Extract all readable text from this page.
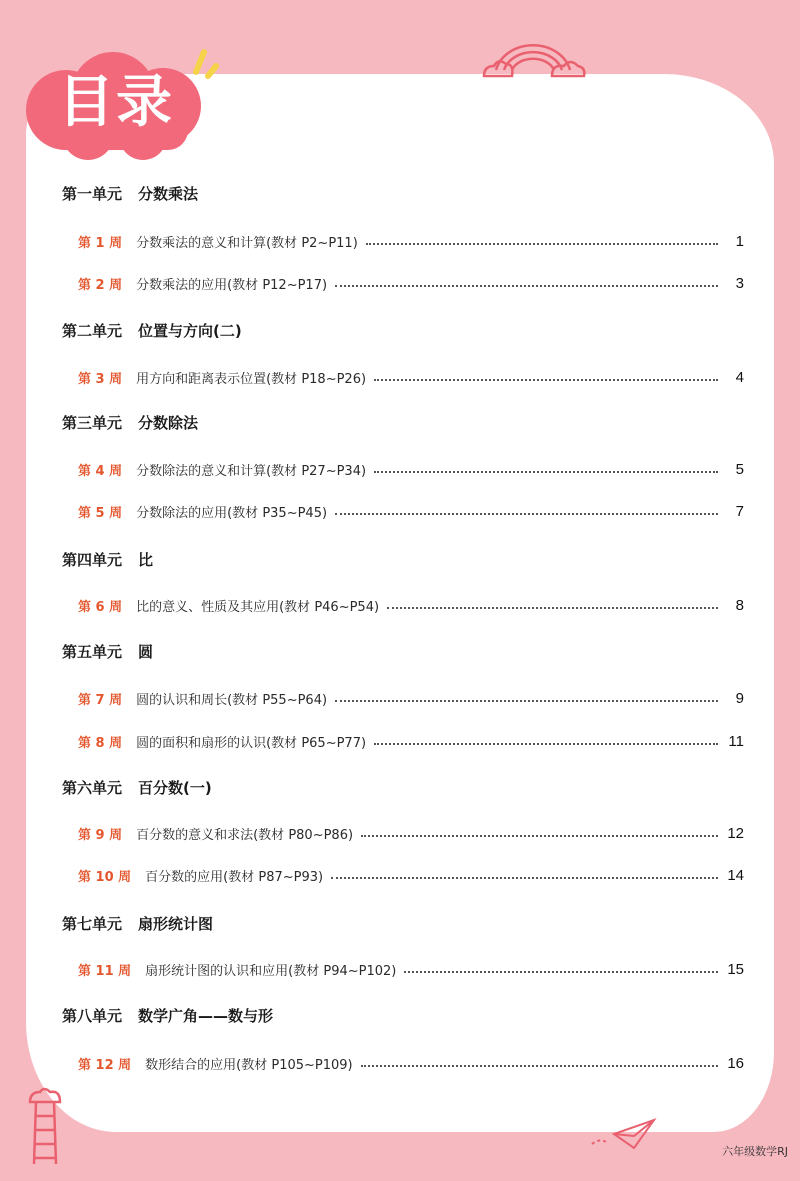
目录
第一单元 分数乘法
第二单元 位置与方向(二)
第三单元 分数除法
第四单元 比
第五单元 圆
第六单元 百分数(一)
第七单元 扇形统计图
第八单元 数学广角——数与形
第 1 周 分数乘法的意义和计算(教材 P2~P11)	1
第 2 周 分数乘法的应用(教材 P12~P17)	3
第 3 周 用方向和距离表示位置(教材 P18~P26)	4
第 4 周 分数除法的意义和计算(教材 P27~P34)	5
第 5 周 分数除法的应用(教材 P35~P45)	7
第 6 周 比的意义、性质及其应用(教材 P46~P54)	8
第 7 周 圆的认识和周长(教材 P55~P64)	9
第 8 周 圆的面积和扇形的认识(教材 P65~P77)	11
第 9 周 百分数的意义和求法(教材 P80~P86)	12
第 10 周 百分数的应用(教材 P87~P93)	14
第 11 周 扇形统计图的认识和应用(教材 P94~P102)	15
第 12 周 数形结合的应用(教材 P105~P109)	16
六年级数学RJ
